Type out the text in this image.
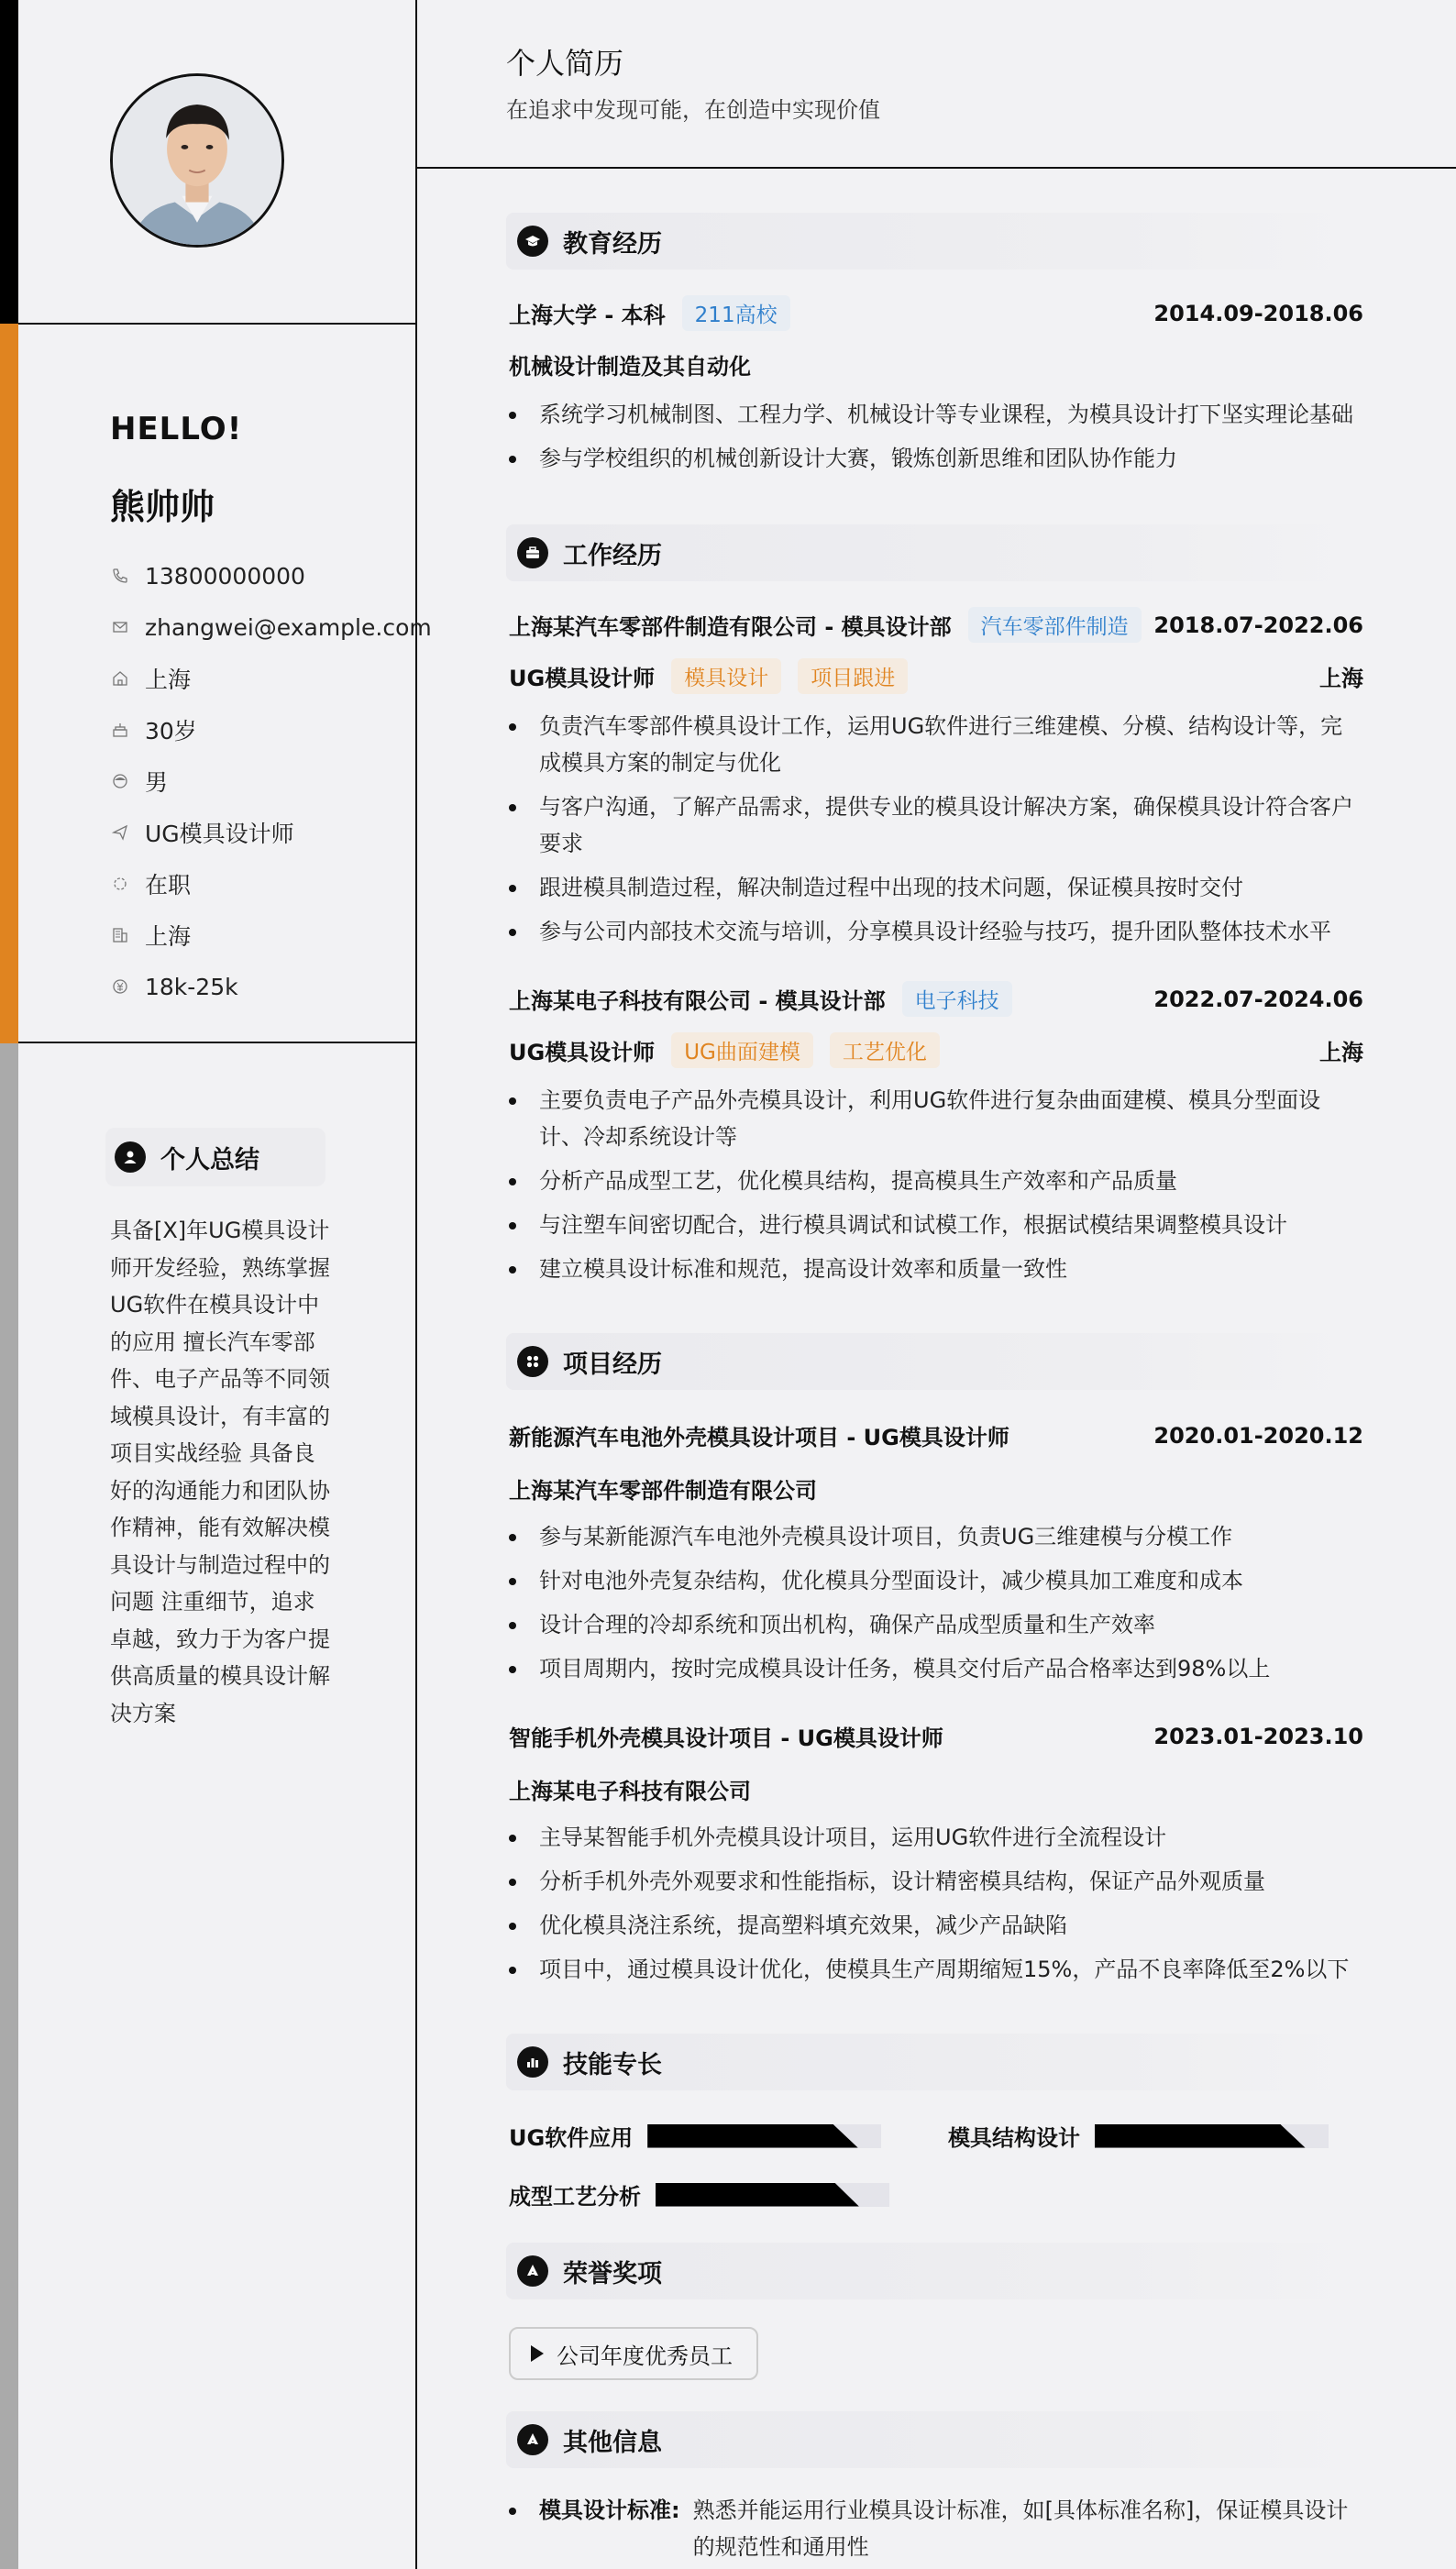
HELLO!
熊帅帅
13800000000
zhangwei@example.com
上海
30岁
男
UG模具设计师
在职
上海
18k-25k
个人总结
具备[X]年UG模具设计师开发经验，熟练掌握UG软件在模具设计中的应用 擅长汽车零部件、电子产品等不同领域模具设计，有丰富的项目实战经验 具备良好的沟通能力和团队协作精神，能有效解决模具设计与制造过程中的问题 注重细节，追求卓越，致力于为客户提供高质量的模具设计解决方案
个人简历
在追求中发现可能，在创造中实现价值
教育经历
上海大学 - 本科	211高校	2014.09-2018.06
机械设计制造及其自动化
系统学习机械制图、工程力学、机械设计等专业课程，为模具设计打下坚实理论基础
参与学校组织的机械创新设计大赛，锻炼创新思维和团队协作能力
工作经历
上海某汽车零部件制造有限公司 - 模具设计部	汽车零部件制造	2018.07-2022.06
UG模具设计师	模具设计	项目跟进	上海
负责汽车零部件模具设计工作，运用UG软件进行三维建模、分模、结构设计等，完成模具方案的制定与优化
与客户沟通，了解产品需求，提供专业的模具设计解决方案，确保模具设计符合客户要求
跟进模具制造过程，解决制造过程中出现的技术问题，保证模具按时交付
参与公司内部技术交流与培训，分享模具设计经验与技巧，提升团队整体技术水平
上海某电子科技有限公司 - 模具设计部	电子科技	2022.07-2024.06
UG模具设计师	UG曲面建模	工艺优化	上海
主要负责电子产品外壳模具设计，利用UG软件进行复杂曲面建模、模具分型面设计、冷却系统设计等
分析产品成型工艺，优化模具结构，提高模具生产效率和产品质量
与注塑车间密切配合，进行模具调试和试模工作，根据试模结果调整模具设计
建立模具设计标准和规范，提高设计效率和质量一致性
项目经历
新能源汽车电池外壳模具设计项目 - UG模具设计师	2020.01-2020.12
上海某汽车零部件制造有限公司
参与某新能源汽车电池外壳模具设计项目，负责UG三维建模与分模工作
针对电池外壳复杂结构，优化模具分型面设计，减少模具加工难度和成本
设计合理的冷却系统和顶出机构，确保产品成型质量和生产效率
项目周期内，按时完成模具设计任务，模具交付后产品合格率达到98%以上
智能手机外壳模具设计项目 - UG模具设计师	2023.01-2023.10
上海某电子科技有限公司
主导某智能手机外壳模具设计项目，运用UG软件进行全流程设计
分析手机外壳外观要求和性能指标，设计精密模具结构，保证产品外观质量
优化模具浇注系统，提高塑料填充效果，减少产品缺陷
项目中，通过模具设计优化，使模具生产周期缩短15%，产品不良率降低至2%以下
技能专长
UG软件应用	模具结构设计
成型工艺分析
荣誉奖项
公司年度优秀员工
其他信息
模具设计标准: 熟悉并能运用行业模具设计标准，如[具体标准名称]，保证模具设计的规范性和通用性
